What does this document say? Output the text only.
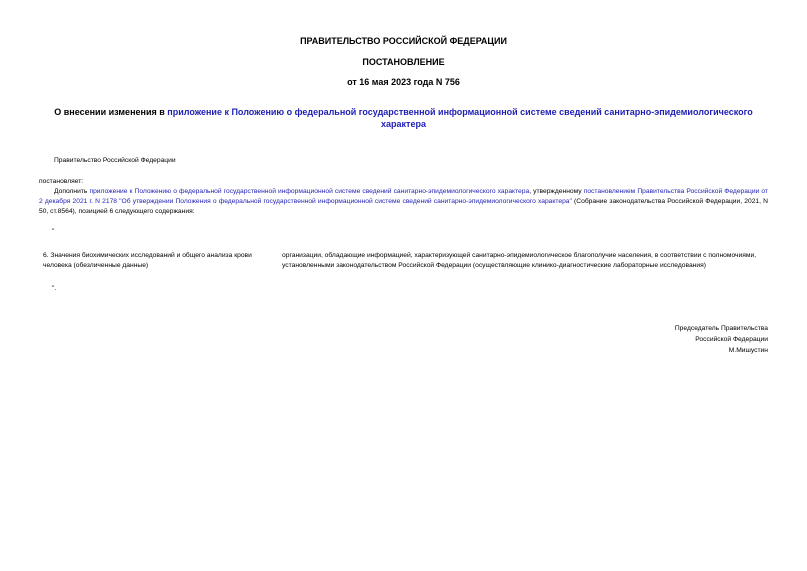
ПРАВИТЕЛЬСТВО РОССИЙСКОЙ ФЕДЕРАЦИИ
ПОСТАНОВЛЕНИЕ
от 16 мая 2023 года N 756
О внесении изменения в приложение к Положению о федеральной государственной информационной системе сведений санитарно-эпидемиологического характера
Правительство Российской Федерации
постановляет:
Дополнить приложение к Положению о федеральной государственной информационной системе сведений санитарно-эпидемиологического характера, утвержденному постановлением Правительства Российской Федерации от 2 декабря 2021 г. N 2178 "Об утверждении Положения о федеральной государственной информационной системе сведений санитарно-эпидемиологического характера" (Собрание законодательства Российской Федерации, 2021, N 50, ст.8564), позицией 6 следующего содержания:
"
6. Значения биохимических исследований и общего анализа крови человека (обезличенные данные)
организации, обладающие информацией, характеризующей санитарно-эпидемиологическое благополучие населения, в соответствии с полномочиями, установленными законодательством Российской Федерации (осуществляющие клинико-диагностические лабораторные исследования)
".
Председатель Правительства
Российской Федерации
М.Мишустин
